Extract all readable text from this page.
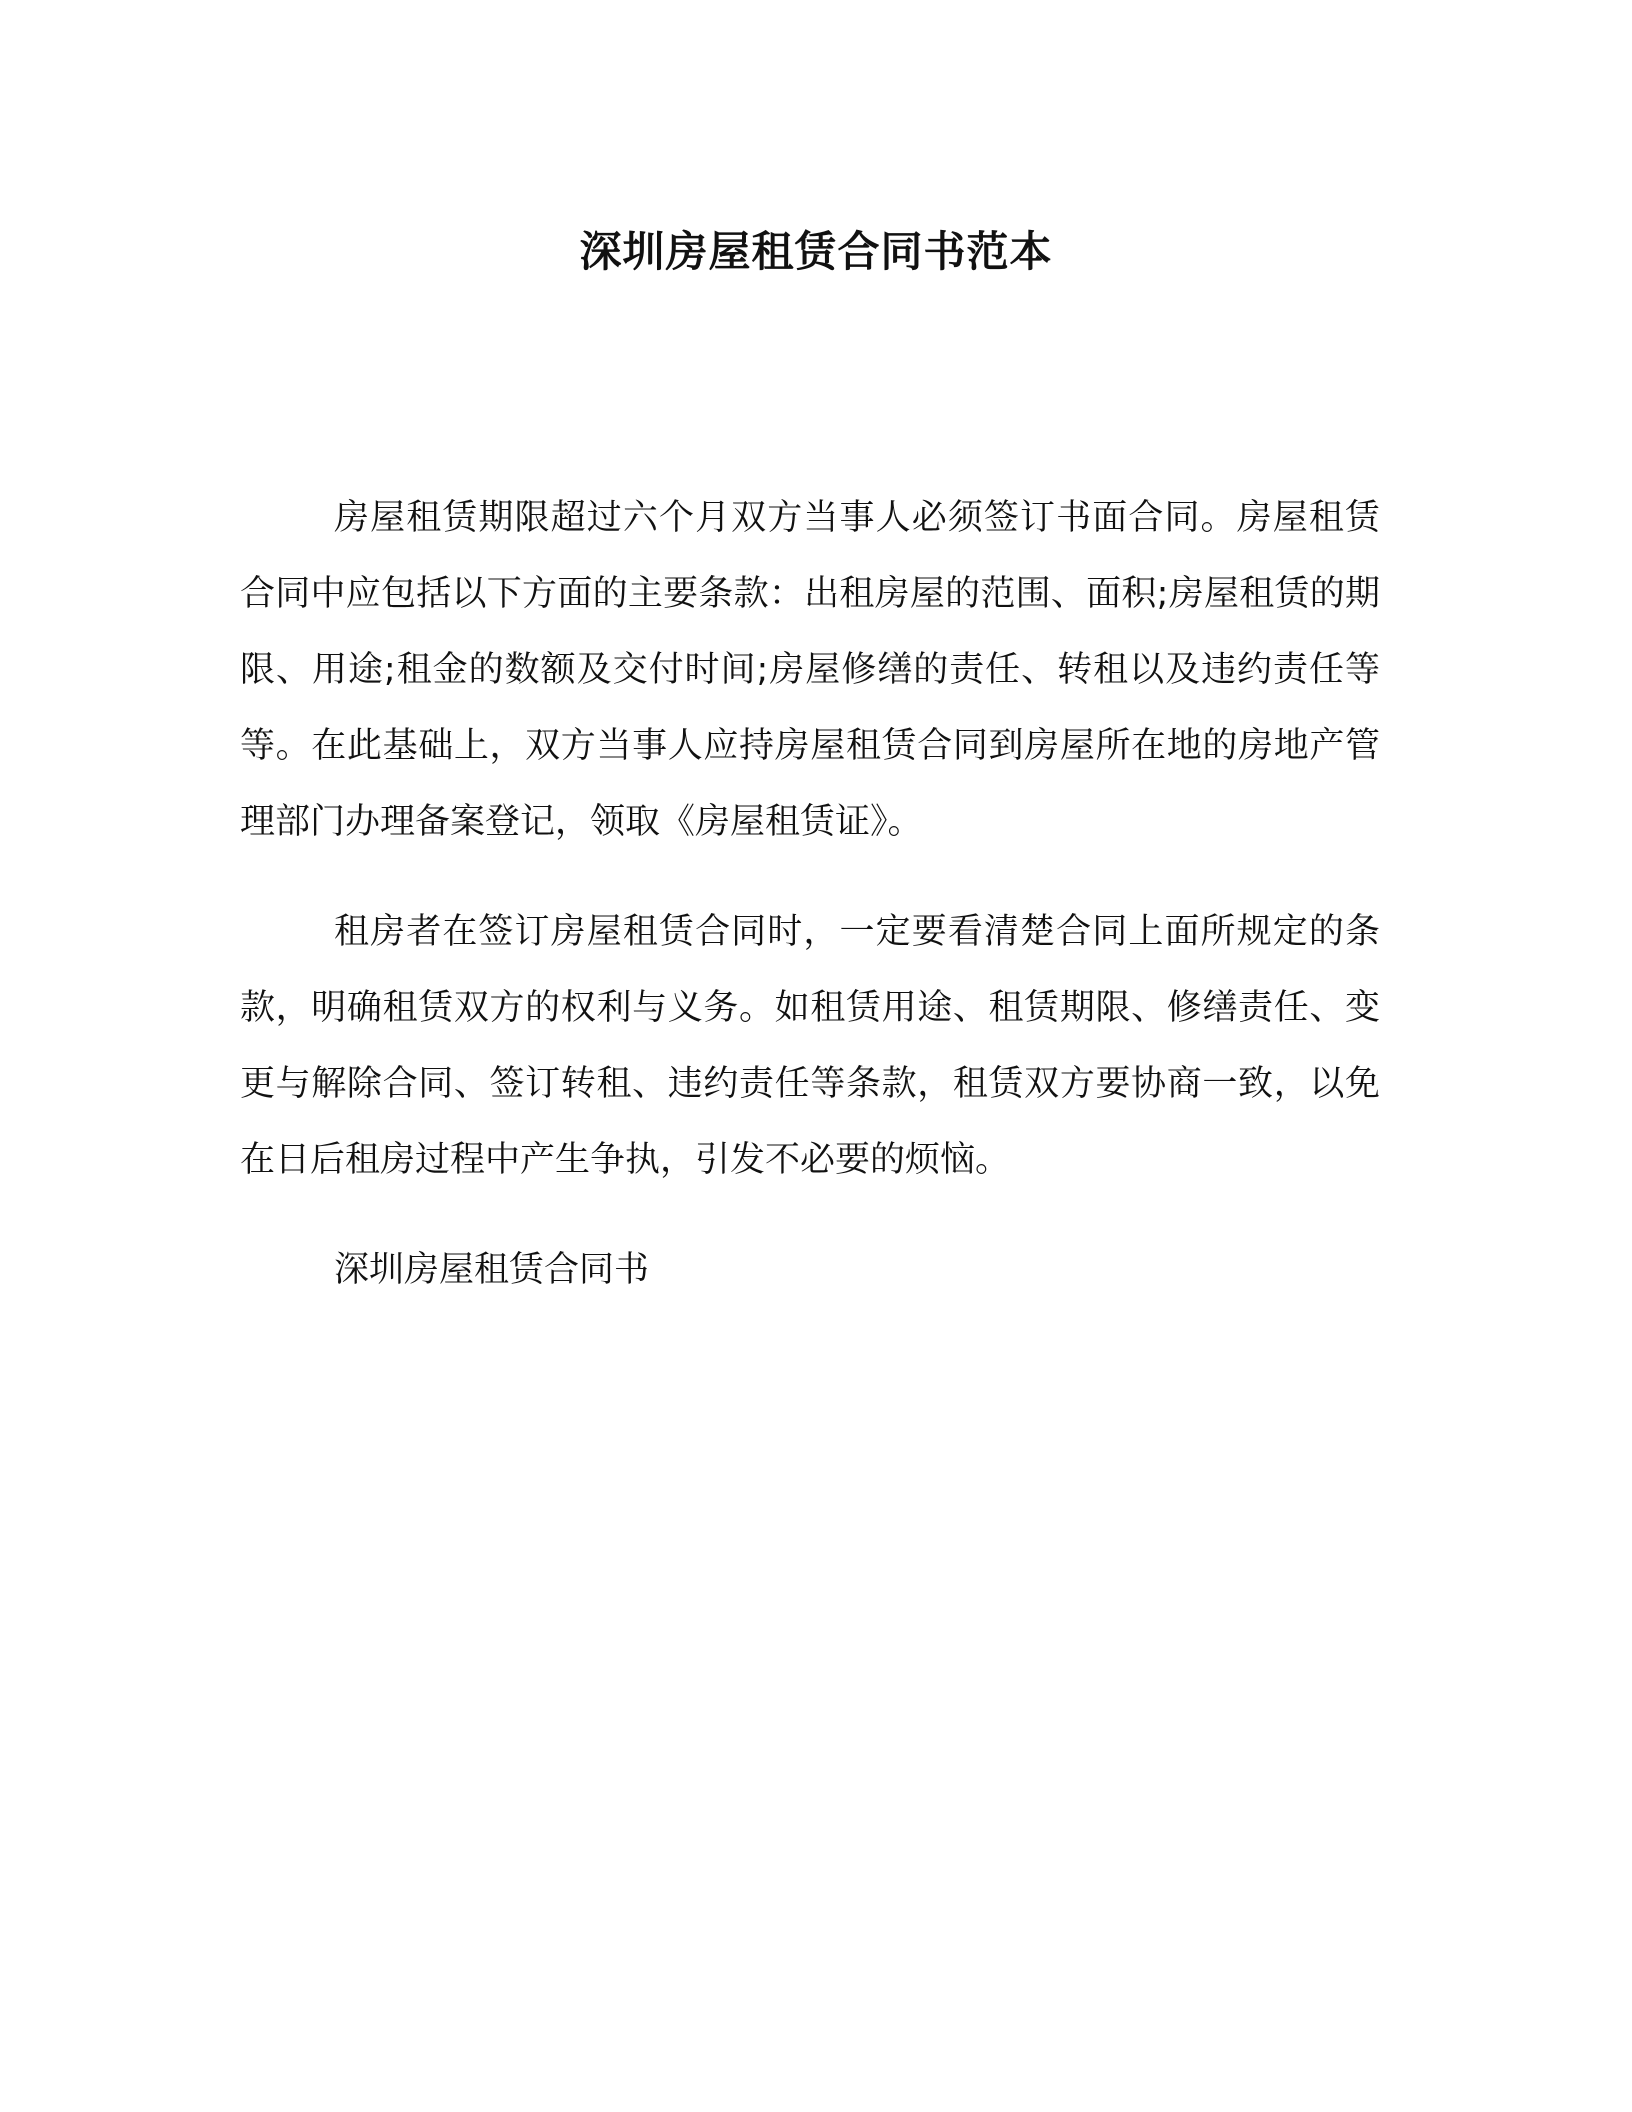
深圳房屋租赁合同书范本

房屋租赁期限超过六个月双方当事人必须签订书面合同。房屋租赁合同中应包括以下方面的主要条款：出租房屋的范围、面积;房屋租赁的期限、用途;租金的数额及交付时间;房屋修缮的责任、转租以及违约责任等等。在此基础上，双方当事人应持房屋租赁合同到房屋所在地的房地产管理部门办理备案登记，领取《房屋租赁证》。

租房者在签订房屋租赁合同时，一定要看清楚合同上面所规定的条款，明确租赁双方的权利与义务。如租赁用途、租赁期限、修缮责任、变更与解除合同、签订转租、违约责任等条款，租赁双方要协商一致，以免在日后租房过程中产生争执，引发不必要的烦恼。

深圳房屋租赁合同书
